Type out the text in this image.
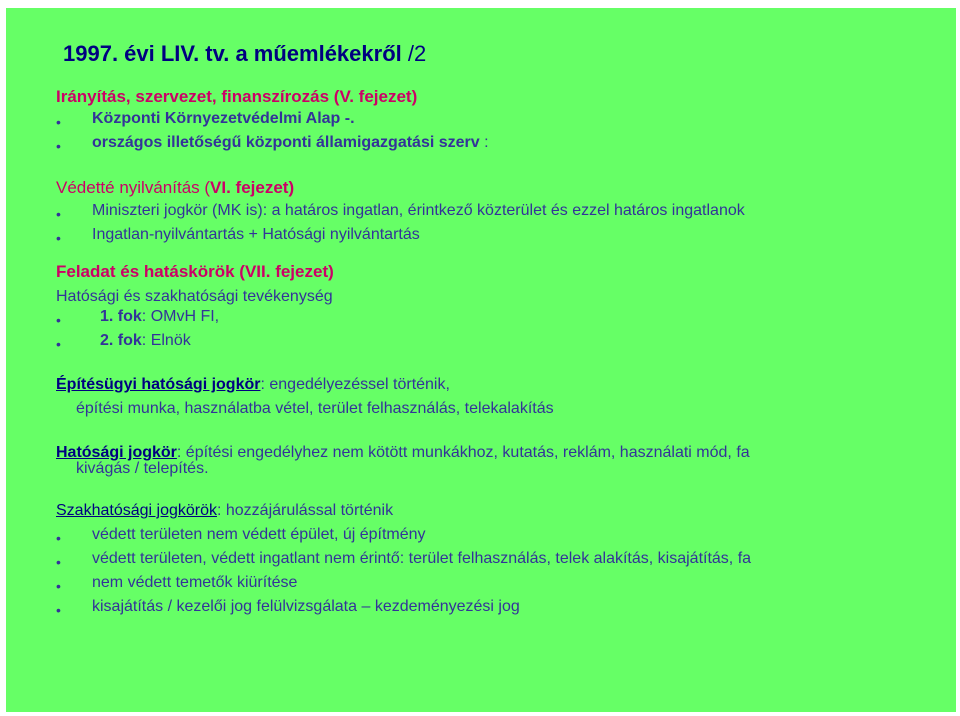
1997. évi LIV. tv. a műemlékekről /2
Irányítás, szervezet, finanszírozás (V. fejezet)
• Központi Környezetvédelmi Alap -.
• országos illetőségű központi államigazgatási szerv :
Védetté nyilvánítás (VI. fejezet)
• Miniszteri jogkör (MK is): a határos ingatlan, érintkező közterület és ezzel határos ingatlanok
• Ingatlan-nyilvántartás + Hatósági nyilvántartás
Feladat és hatáskörök (VII. fejezet)
Hatósági és szakhatósági tevékenység
• 1. fok: OMvH FI,
• 2. fok: Elnök
Építésügyi hatósági jogkör: engedélyezéssel történik,
építési munka, használatba vétel, terület felhasználás, telekalakítás
Hatósági jogkör: építési engedélyhez nem kötött munkákhoz, kutatás, reklám, használati mód, fa
kivágás / telepítés.
Szakhatósági jogkörök: hozzájárulással történik
• védett területen nem védett épület, új építmény
• védett területen, védett ingatlant nem érintő: terület felhasználás, telek alakítás, kisajátítás, fa
• nem védett temetők kiürítése
• kisajátítás / kezelői jog felülvizsgálata – kezdeményezési jog
